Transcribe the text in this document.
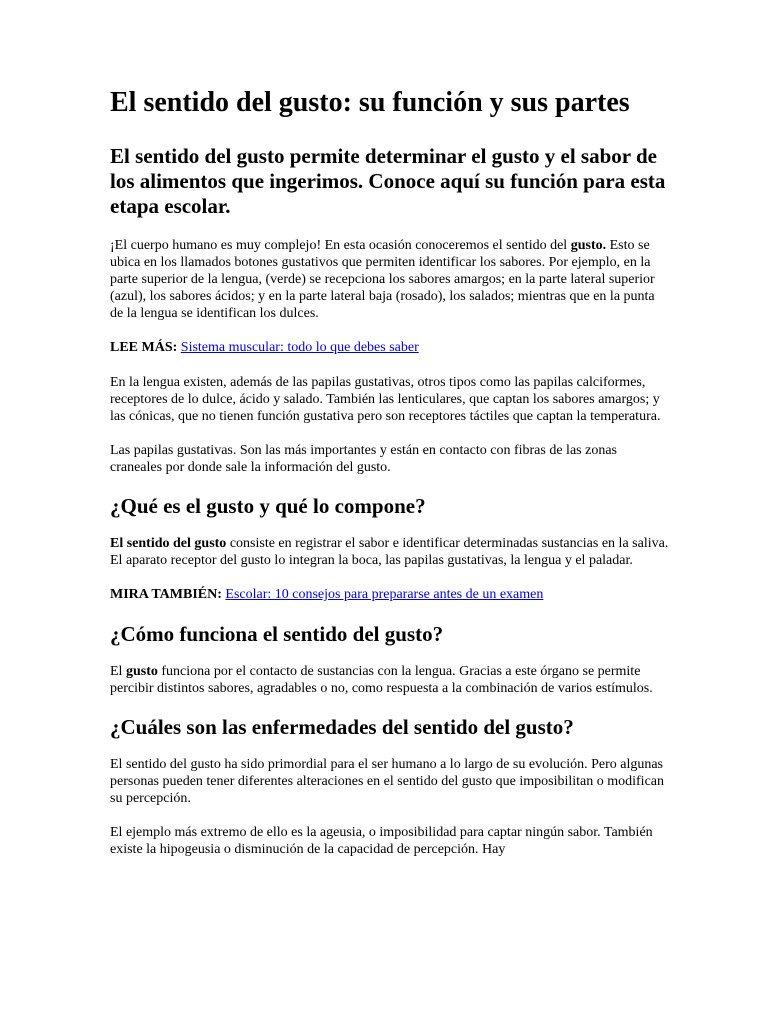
El sentido del gusto: su función y sus partes
El sentido del gusto permite determinar el gusto y el sabor de los alimentos que ingerimos. Conoce aquí su función para esta etapa escolar.

¡El cuerpo humano es muy complejo! En esta ocasión conoceremos el sentido del gusto. Esto se ubica en los llamados botones gustativos que permiten identificar los sabores. Por ejemplo, en la parte superior de la lengua, (verde) se recepciona los sabores amargos; en la parte lateral superior (azul), los sabores ácidos; y en la parte lateral baja (rosado), los salados; mientras que en la punta de la lengua se identifican los dulces.

LEE MÁS: Sistema muscular: todo lo que debes saber

En la lengua existen, además de las papilas gustativas, otros tipos como las papilas calciformes, receptores de lo dulce, ácido y salado. También las lenticulares, que captan los sabores amargos; y las cónicas, que no tienen función gustativa pero son receptores táctiles que captan la temperatura.

Las papilas gustativas. Son las más importantes y están en contacto con fibras de las zonas craneales por donde sale la información del gusto.

¿Qué es el gusto y qué lo compone?

El sentido del gusto consiste en registrar el sabor e identificar determinadas sustancias en la saliva. El aparato receptor del gusto lo integran la boca, las papilas gustativas, la lengua y el paladar.

MIRA TAMBIÉN: Escolar: 10 consejos para prepararse antes de un examen

¿Cómo funciona el sentido del gusto?

El gusto funciona por el contacto de sustancias con la lengua. Gracias a este órgano se permite percibir distintos sabores, agradables o no, como respuesta a la combinación de varios estímulos.

¿Cuáles son las enfermedades del sentido del gusto?

El sentido del gusto ha sido primordial para el ser humano a lo largo de su evolución. Pero algunas personas pueden tener diferentes alteraciones en el sentido del gusto que imposibilitan o modifican su percepción.

El ejemplo más extremo de ello es la ageusia, o imposibilidad para captar ningún sabor. También existe la hipogeusia o disminución de la capacidad de percepción. Hay
